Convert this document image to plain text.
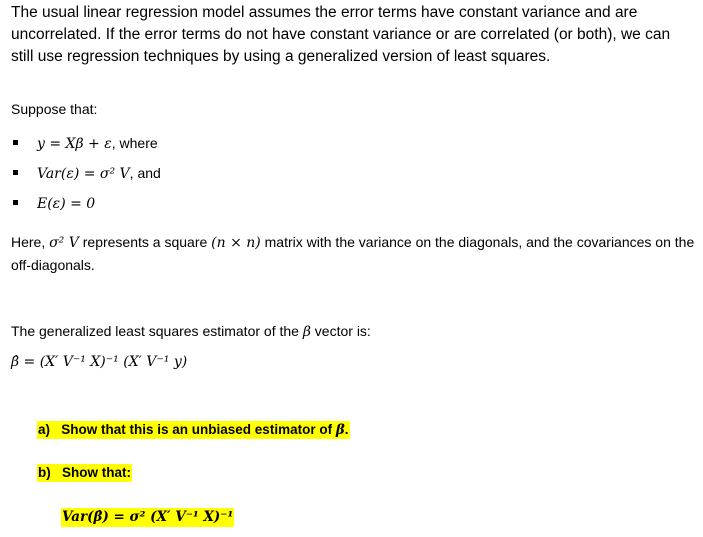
The usual linear regression model assumes the error terms have constant variance and are uncorrelated. If the error terms do not have constant variance or are correlated (or both), we can still use regression techniques by using a generalized version of least squares.

Suppose that:

y = Xβ + ε, where
Var(ε) = σ² V, and
E(ε) = 0

Here, σ² V represents a square (n × n) matrix with the variance on the diagonals, and the covariances on the off-diagonals.

The generalized least squares estimator of the β vector is:

β̂ = (X′ V⁻¹ X)⁻¹ (X′ V⁻¹ y)

a) Show that this is an unbiased estimator of β.

b) Show that:

Var(β̂) = σ² (X′ V⁻¹ X)⁻¹
